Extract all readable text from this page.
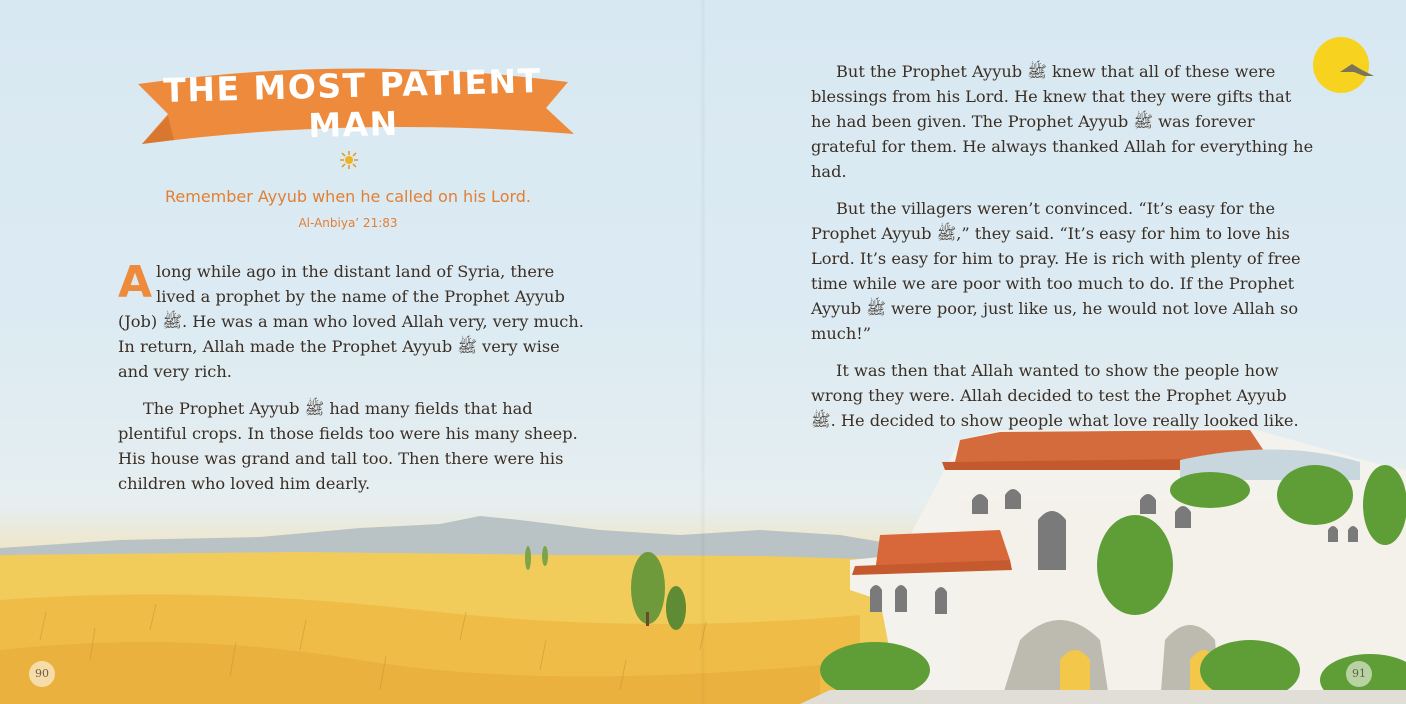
THE MOST PATIENT MAN
Remember Ayyub when he called on his Lord.
Al-Anbiya’ 21:83

Along while ago in the distant land of Syria, there lived a prophet by the name of the Prophet Ayyub (Job) ﷺ. He was a man who loved Allah very, very much. In return, Allah made the Prophet Ayyub ﷺ very wise and very rich.

The Prophet Ayyub ﷺ had many fields that had plentiful crops. In those fields too were his many sheep. His house was grand and tall too. Then there were his children who loved him dearly.

But the Prophet Ayyub ﷺ knew that all of these were blessings from his Lord. He knew that they were gifts that he had been given. The Prophet Ayyub ﷺ was forever grateful for them. He always thanked Allah for everything he had.

But the villagers weren’t convinced. “It’s easy for the Prophet Ayyub ﷺ,” they said. “It’s easy for him to love his Lord. It’s easy for him to pray. He is rich with plenty of free time while we are poor with too much to do. If the Prophet Ayyub ﷺ were poor, just like us, he would not love Allah so much!”

It was then that Allah wanted to show the people how wrong they were. Allah decided to test the Prophet Ayyub ﷺ. He decided to show people what love really looked like.

90	91
